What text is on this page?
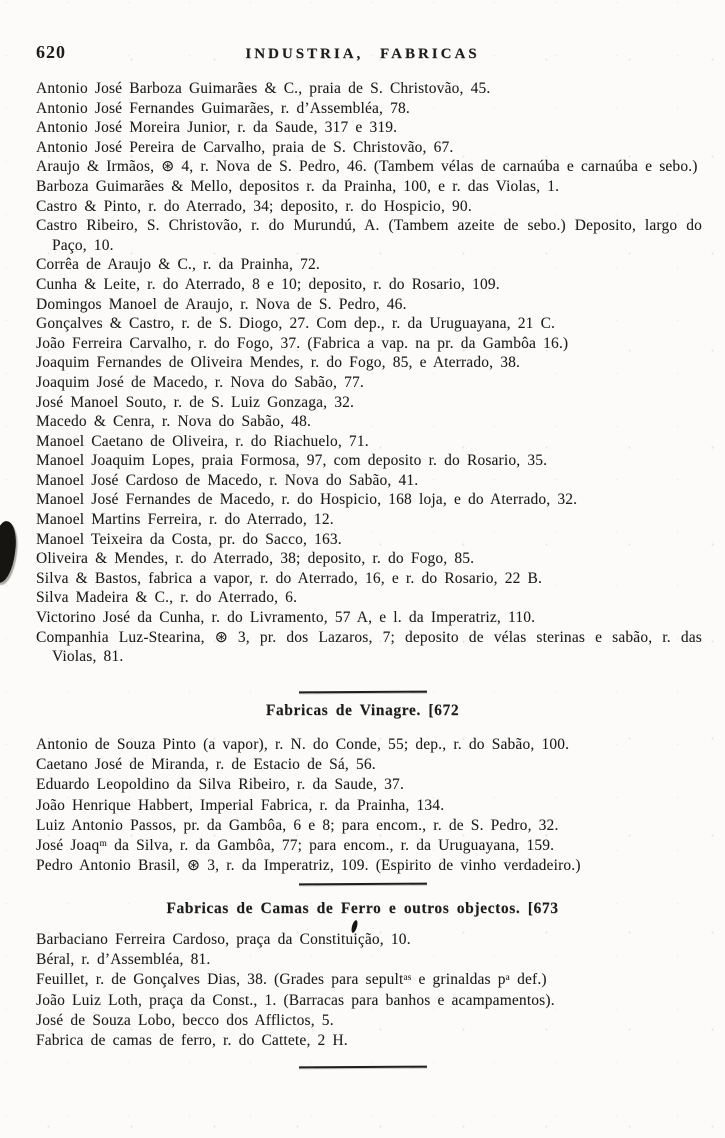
620	INDUSTRIA, FABRICAS
Antonio José Barboza Guimarães & C., praia de S. Christovão, 45.
Antonio José Fernandes Guimarães, r. d’Assembléa, 78.
Antonio José Moreira Junior, r. da Saude, 317 e 319.
Antonio José Pereira de Carvalho, praia de S. Christovão, 67.
Araujo & Irmãos, ⊛ 4, r. Nova de S. Pedro, 46. (Tambem vélas de carnaúba e carnaúba e sebo.)
Barboza Guimarães & Mello, depositos r. da Prainha, 100, e r. das Violas, 1.
Castro & Pinto, r. do Aterrado, 34; deposito, r. do Hospicio, 90.
Castro Ribeiro, S. Christovão, r. do Murundú, A. (Tambem azeite de sebo.) Deposito, largo do Paço, 10.
Corrêa de Araujo & C., r. da Prainha, 72.
Cunha & Leite, r. do Aterrado, 8 e 10; deposito, r. do Rosario, 109.
Domingos Manoel de Araujo, r. Nova de S. Pedro, 46.
Gonçalves & Castro, r. de S. Diogo, 27. Com dep., r. da Uruguayana, 21 C.
João Ferreira Carvalho, r. do Fogo, 37. (Fabrica a vap. na pr. da Gambôa 16.)
Joaquim Fernandes de Oliveira Mendes, r. do Fogo, 85, e Aterrado, 38.
Joaquim José de Macedo, r. Nova do Sabão, 77.
José Manoel Souto, r. de S. Luiz Gonzaga, 32.
Macedo & Cenra, r. Nova do Sabão, 48.
Manoel Caetano de Oliveira, r. do Riachuelo, 71.
Manoel Joaquim Lopes, praia Formosa, 97, com deposito r. do Rosario, 35.
Manoel José Cardoso de Macedo, r. Nova do Sabão, 41.
Manoel José Fernandes de Macedo, r. do Hospicio, 168 loja, e do Aterrado, 32.
Manoel Martins Ferreira, r. do Aterrado, 12.
Manoel Teixeira da Costa, pr. do Sacco, 163.
Oliveira & Mendes, r. do Aterrado, 38; deposito, r. do Fogo, 85.
Silva & Bastos, fabrica a vapor, r. do Aterrado, 16, e r. do Rosario, 22 B.
Silva Madeira & C., r. do Aterrado, 6.
Victorino José da Cunha, r. do Livramento, 57 A, e l. da Imperatriz, 110.
Companhia Luz-Stearina, ⊛ 3, pr. dos Lazaros, 7; deposito de vélas sterinas e sabão, r. das Violas, 81.
Fabricas de Vinagre. [672
Antonio de Souza Pinto (a vapor), r. N. do Conde, 55; dep., r. do Sabão, 100.
Caetano José de Miranda, r. de Estacio de Sá, 56.
Eduardo Leopoldino da Silva Ribeiro, r. da Saude, 37.
João Henrique Habbert, Imperial Fabrica, r. da Prainha, 134.
Luiz Antonio Passos, pr. da Gambôa, 6 e 8; para encom., r. de S. Pedro, 32.
José Joaqᵐ da Silva, r. da Gambôa, 77; para encom., r. da Uruguayana, 159.
Pedro Antonio Brasil, ⊛ 3, r. da Imperatriz, 109. (Espirito de vinho verdadeiro.)
Fabricas de Camas de Ferro e outros objectos. [673
Barbaciano Ferreira Cardoso, praça da Constituição, 10.
Béral, r. d’Assembléa, 81.
Feuillet, r. de Gonçalves Dias, 38. (Grades para sepultᵃˢ e grinaldas pᵃ def.)
João Luiz Loth, praça da Const., 1. (Barracas para banhos e acampamentos).
José de Souza Lobo, becco dos Afflictos, 5.
Fabrica de camas de ferro, r. do Cattete, 2 H.
